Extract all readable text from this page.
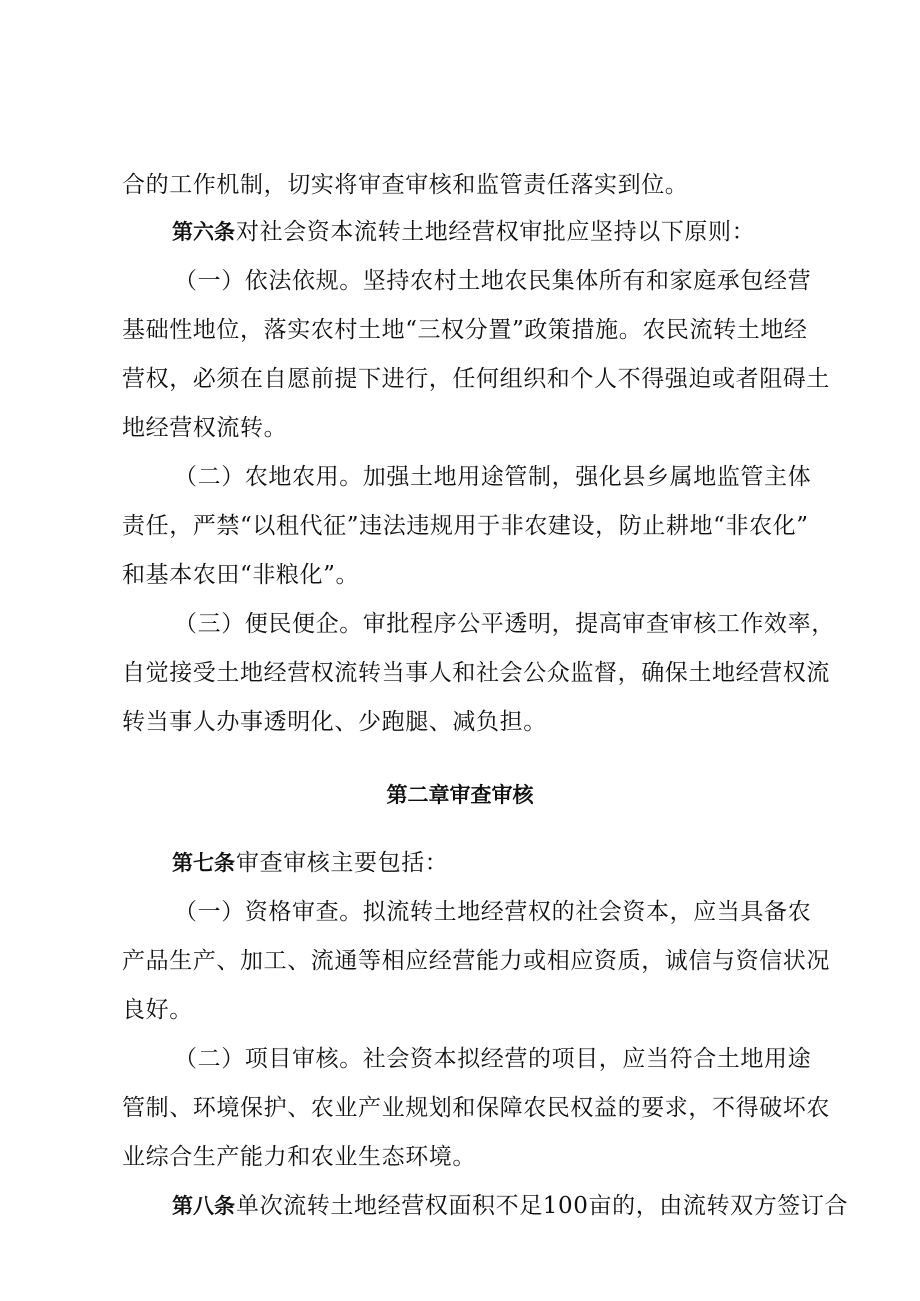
合的工作机制，切实将审查审核和监管责任落实到位。
第六条 对社会资本流转土地经营权审批应坚持以下原则：
（一）依法依规。坚持农村土地农民集体所有和家庭承包经营
基础性地位，落实农村土地“三权分置”政策措施。农民流转土地经
营权，必须在自愿前提下进行，任何组织和个人不得强迫或者阻碍土
地经营权流转。
（二）农地农用。加强土地用途管制，强化县乡属地监管主体
责任，严禁“以租代征”违法违规用于非农建设，防止耕地“非农化”
和基本农田“非粮化”。
（三）便民便企。审批程序公平透明，提高审查审核工作效率，
自觉接受土地经营权流转当事人和社会公众监督，确保土地经营权流
转当事人办事透明化、少跑腿、减负担。
第二章审查审核
第七条 审查审核主要包括：
（一）资格审查。拟流转土地经营权的社会资本，应当具备农
产品生产、加工、流通等相应经营能力或相应资质，诚信与资信状况
良好。
（二）项目审核。社会资本拟经营的项目，应当符合土地用途
管制、环境保护、农业产业规划和保障农民权益的要求，不得破坏农
业综合生产能力和农业生态环境。
第八条 单次流转土地经营权面积不足100亩的，由流转双方签订合
